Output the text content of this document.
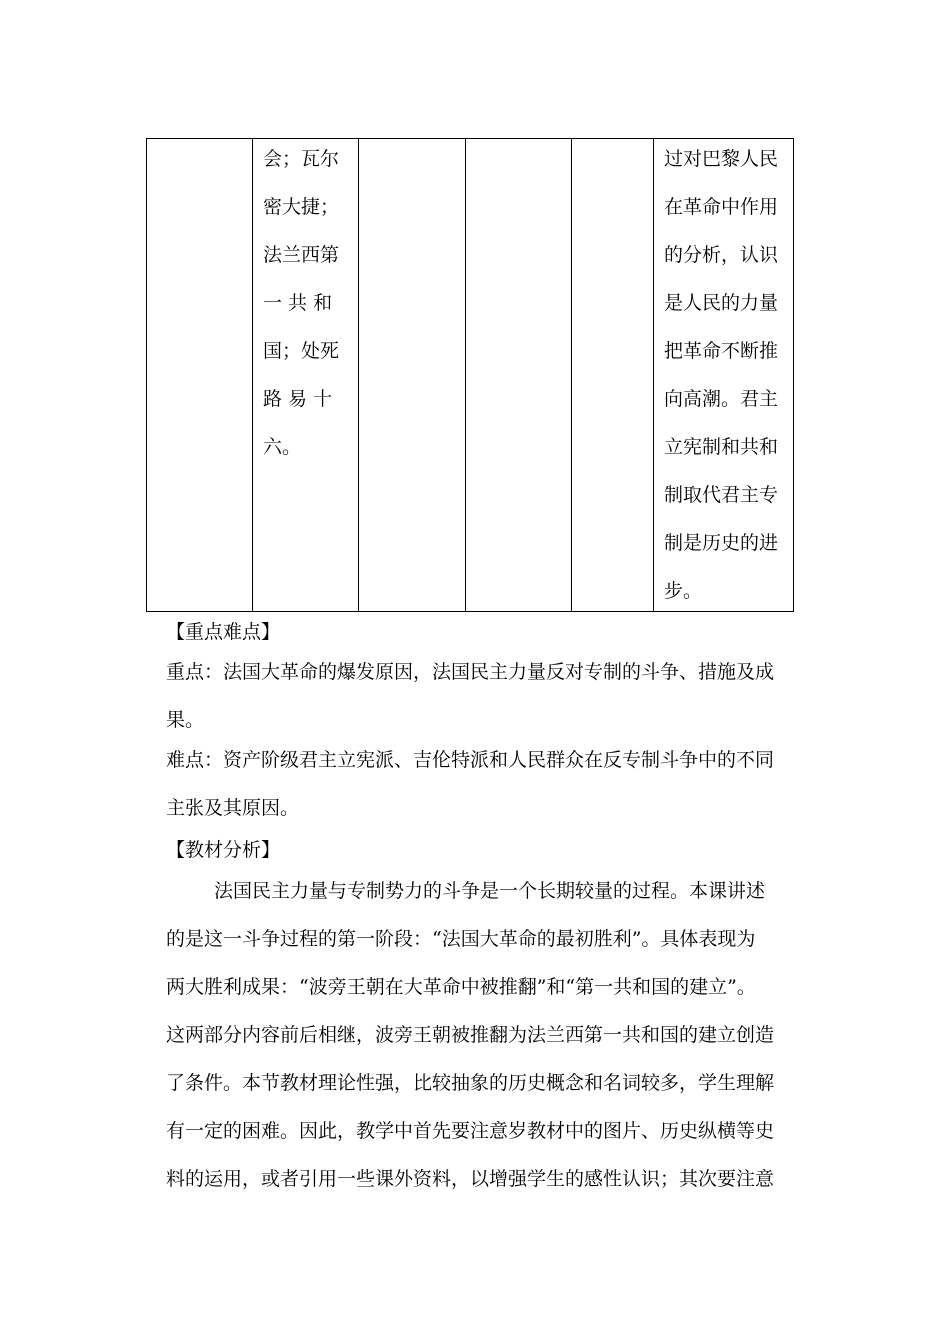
会；瓦尔
密大捷；
法兰西第
一 共 和
国；处死
路 易 十
六。
过对巴黎人民
在革命中作用
的分析，认识
是人民的力量
把革命不断推
向高潮。君主
立宪制和共和
制取代君主专
制是历史的进
步。
【重点难点】
重点：法国大革命的爆发原因，法国民主力量反对专制的斗争、措施及成
果。
难点：资产阶级君主立宪派、吉伦特派和人民群众在反专制斗争中的不同
主张及其原因。
【教材分析】
法国民主力量与专制势力的斗争是一个长期较量的过程。本课讲述
的是这一斗争过程的第一阶段：“法国大革命的最初胜利”。具体表现为
两大胜利成果：“波旁王朝在大革命中被推翻”和“第一共和国的建立”。
这两部分内容前后相继，波旁王朝被推翻为法兰西第一共和国的建立创造
了条件。本节教材理论性强，比较抽象的历史概念和名词较多，学生理解
有一定的困难。因此，教学中首先要注意岁教材中的图片、历史纵横等史
料的运用，或者引用一些课外资料，以增强学生的感性认识；其次要注意
